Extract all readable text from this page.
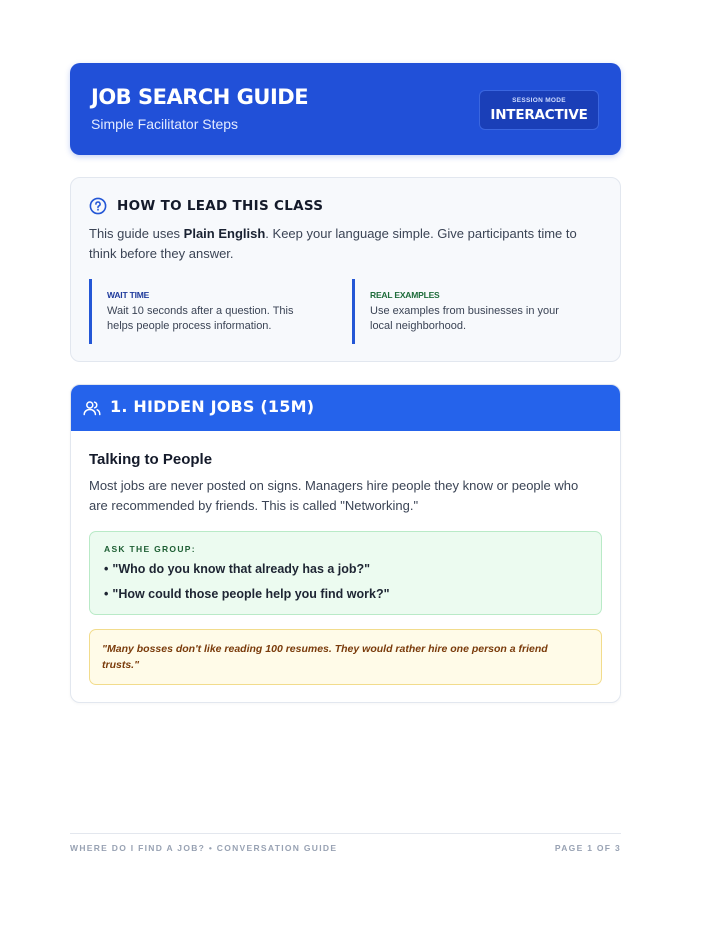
JOB SEARCH GUIDE
Simple Facilitator Steps
SESSION MODE
INTERACTIVE
HOW TO LEAD THIS CLASS
This guide uses Plain English. Keep your language simple. Give participants time to think before they answer.
WAIT TIME
Wait 10 seconds after a question. This helps people process information.
REAL EXAMPLES
Use examples from businesses in your local neighborhood.
1. HIDDEN JOBS (15M)
Talking to People
Most jobs are never posted on signs. Managers hire people they know or people who are recommended by friends. This is called "Networking."
ASK THE GROUP:
• "Who do you know that already has a job?"
• "How could those people help you find work?"
"Many bosses don't like reading 100 resumes. They would rather hire one person a friend trusts."
WHERE DO I FIND A JOB? • CONVERSATION GUIDE	PAGE 1 OF 3
